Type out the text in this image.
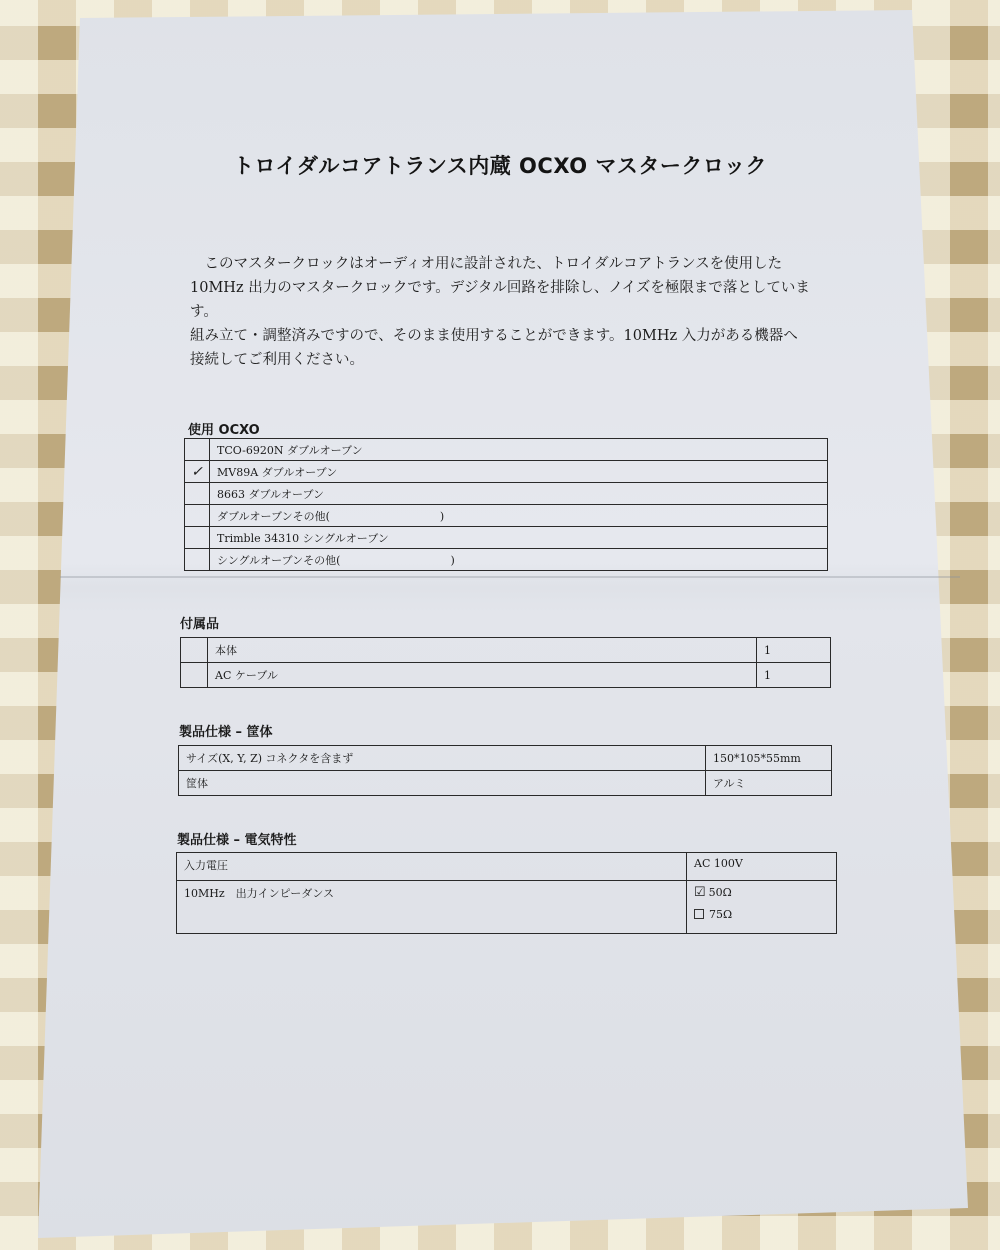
トロイダルコアトランス内蔵 OCXO マスタークロック

このマスタークロックはオーディオ用に設計された、トロイダルコアトランスを使用した 10MHz 出力のマスタークロックです。デジタル回路を排除し、ノイズを極限まで落としています。

組み立て・調整済みですので、そのまま使用することができます。10MHz 入力がある機器へ接続してご利用ください。

使用 OCXO
	TCO-6920N ダブルオーブン
✓	MV89A ダブルオーブン
	8663 ダブルオーブン
	ダブルオーブンその他(　　　　　　　　　　)
	Trimble 34310 シングルオーブン
	シングルオーブンその他(　　　　　　　　　　)
付属品
	本体	1
	AC ケーブル	1
製品仕様 – 筐体
サイズ(X, Y, Z) コネクタを含まず	150*105*55mm
筐体	アルミ
製品仕様 – 電気特性
入力電圧	AC 100V
10MHz　出力インピーダンス	☑ 50Ω
75Ω
